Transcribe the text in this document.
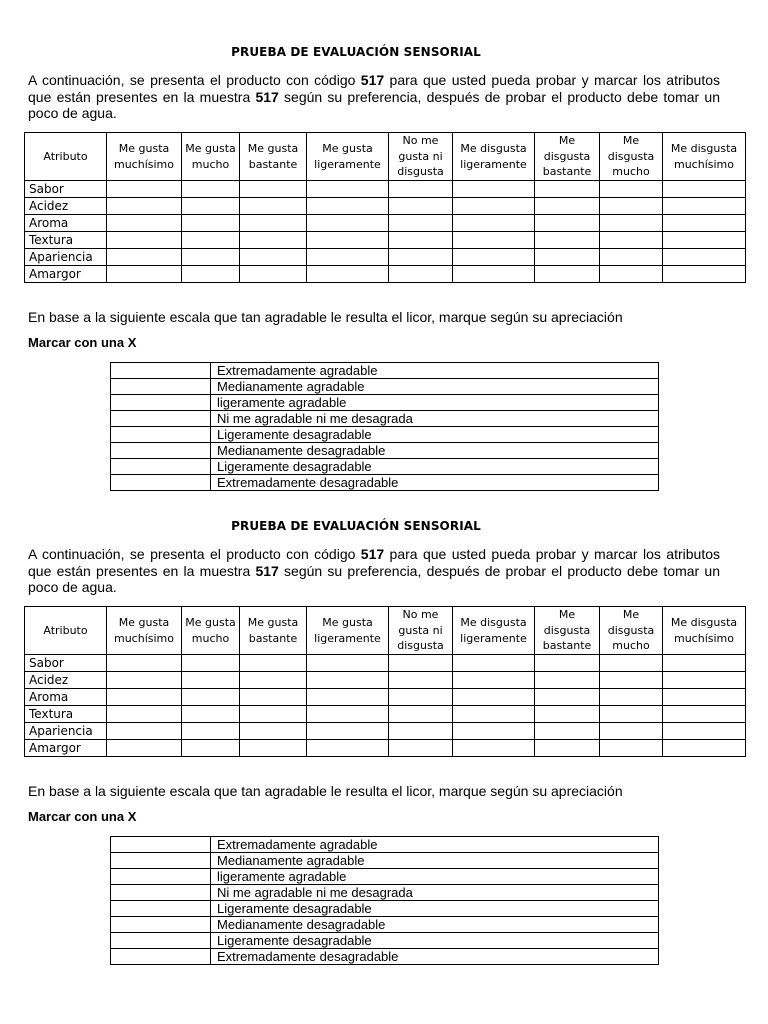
PRUEBA DE EVALUACIÓN SENSORIAL
A continuación, se presenta el producto con código 517 para que usted pueda probar y marcar los atributos que están presentes en la muestra 517 según su preferencia, después de probar el producto debe tomar un poco de agua.
Atributo	Me gusta muchísimo	Me gusta mucho	Me gusta bastante	Me gusta ligeramente	No me gusta ni disgusta	Me disgusta ligeramente	Me disgusta bastante	Me disgusta mucho	Me disgusta muchísimo
Sabor									
Acidez									
Aroma									
Textura									
Apariencia									
Amargor									
En base a la siguiente escala que tan agradable le resulta el licor, marque según su apreciación
Marcar con una X
	Extremadamente agradable
	Medianamente agradable
	ligeramente agradable
	Ni me agradable ni me desagrada
	Ligeramente desagradable
	Medianamente desagradable
	Ligeramente desagradable
	Extremadamente desagradable
PRUEBA DE EVALUACIÓN SENSORIAL
A continuación, se presenta el producto con código 517 para que usted pueda probar y marcar los atributos que están presentes en la muestra 517 según su preferencia, después de probar el producto debe tomar un poco de agua.
Atributo	Me gusta muchísimo	Me gusta mucho	Me gusta bastante	Me gusta ligeramente	No me gusta ni disgusta	Me disgusta ligeramente	Me disgusta bastante	Me disgusta mucho	Me disgusta muchísimo
Sabor									
Acidez									
Aroma									
Textura									
Apariencia									
Amargor									
En base a la siguiente escala que tan agradable le resulta el licor, marque según su apreciación
Marcar con una X
	Extremadamente agradable
	Medianamente agradable
	ligeramente agradable
	Ni me agradable ni me desagrada
	Ligeramente desagradable
	Medianamente desagradable
	Ligeramente desagradable
	Extremadamente desagradable
